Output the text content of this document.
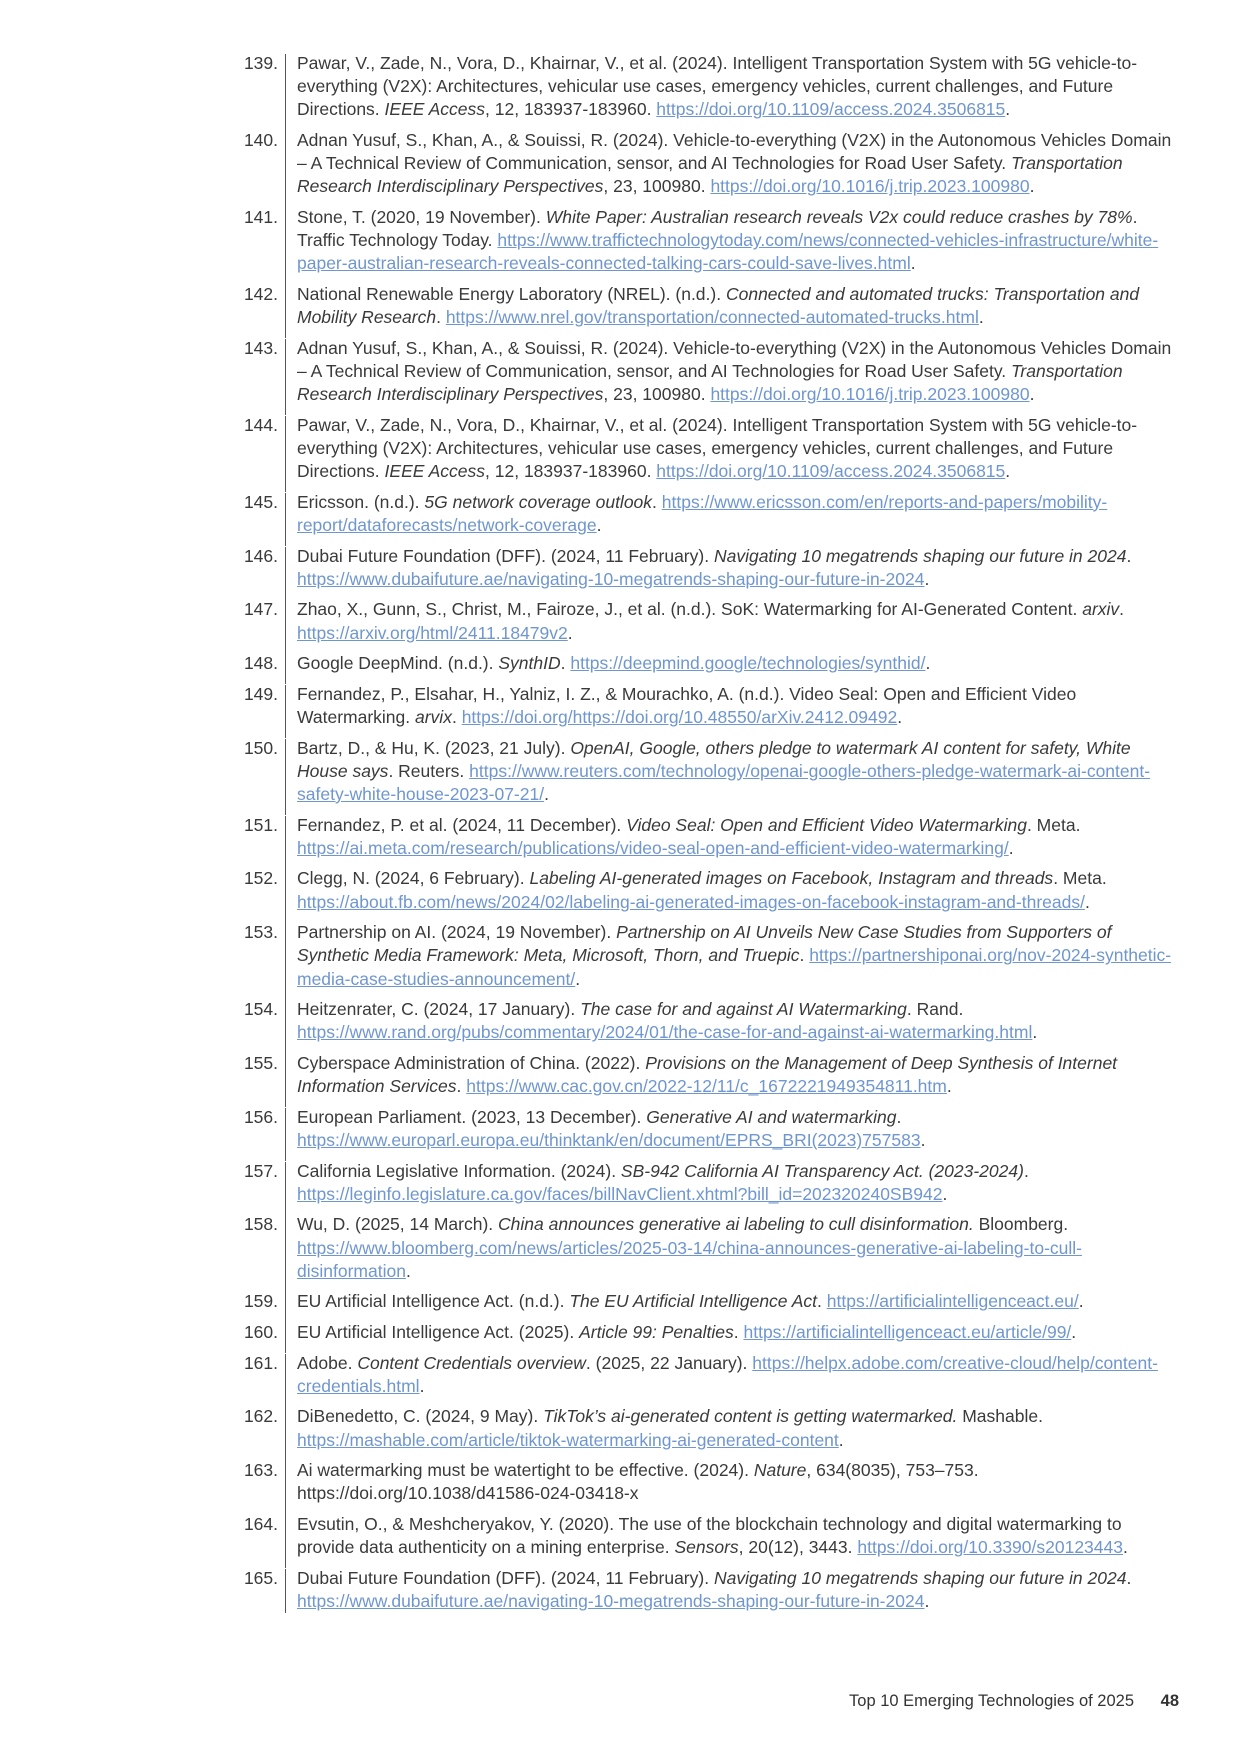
139. Pawar, V., Zade, N., Vora, D., Khairnar, V., et al. (2024). Intelligent Transportation System with 5G vehicle-to-everything (V2X): Architectures, vehicular use cases, emergency vehicles, current challenges, and Future Directions. IEEE Access, 12, 183937-183960. https://doi.org/10.1109/access.2024.3506815.
140. Adnan Yusuf, S., Khan, A., & Souissi, R. (2024). Vehicle-to-everything (V2X) in the Autonomous Vehicles Domain – A Technical Review of Communication, sensor, and AI Technologies for Road User Safety. Transportation Research Interdisciplinary Perspectives, 23, 100980. https://doi.org/10.1016/j.trip.2023.100980.
141. Stone, T. (2020, 19 November). White Paper: Australian research reveals V2x could reduce crashes by 78%. Traffic Technology Today. https://www.traffictechnologytoday.com/news/connected-vehicles-infrastructure/white-paper-australian-research-reveals-connected-talking-cars-could-save-lives.html.
142. National Renewable Energy Laboratory (NREL). (n.d.). Connected and automated trucks: Transportation and Mobility Research. https://www.nrel.gov/transportation/connected-automated-trucks.html.
143. Adnan Yusuf, S., Khan, A., & Souissi, R. (2024). Vehicle-to-everything (V2X) in the Autonomous Vehicles Domain – A Technical Review of Communication, sensor, and AI Technologies for Road User Safety. Transportation Research Interdisciplinary Perspectives, 23, 100980. https://doi.org/10.1016/j.trip.2023.100980.
144. Pawar, V., Zade, N., Vora, D., Khairnar, V., et al. (2024). Intelligent Transportation System with 5G vehicle-to-everything (V2X): Architectures, vehicular use cases, emergency vehicles, current challenges, and Future Directions. IEEE Access, 12, 183937-183960. https://doi.org/10.1109/access.2024.3506815.
145. Ericsson. (n.d.). 5G network coverage outlook. https://www.ericsson.com/en/reports-and-papers/mobility-report/dataforecasts/network-coverage.
146. Dubai Future Foundation (DFF). (2024, 11 February). Navigating 10 megatrends shaping our future in 2024. https://www.dubaifuture.ae/navigating-10-megatrends-shaping-our-future-in-2024.
147. Zhao, X., Gunn, S., Christ, M., Fairoze, J., et al. (n.d.). SoK: Watermarking for AI-Generated Content. arxiv. https://arxiv.org/html/2411.18479v2.
148. Google DeepMind. (n.d.). SynthID. https://deepmind.google/technologies/synthid/.
149. Fernandez, P., Elsahar, H., Yalniz, I. Z., & Mourachko, A. (n.d.). Video Seal: Open and Efficient Video Watermarking. arvix. https://doi.org/https://doi.org/10.48550/arXiv.2412.09492.
150. Bartz, D., & Hu, K. (2023, 21 July). OpenAI, Google, others pledge to watermark AI content for safety, White House says. Reuters. https://www.reuters.com/technology/openai-google-others-pledge-watermark-ai-content-safety-white-house-2023-07-21/.
151. Fernandez, P. et al. (2024, 11 December). Video Seal: Open and Efficient Video Watermarking. Meta. https://ai.meta.com/research/publications/video-seal-open-and-efficient-video-watermarking/.
152. Clegg, N. (2024, 6 February). Labeling AI-generated images on Facebook, Instagram and threads. Meta. https://about.fb.com/news/2024/02/labeling-ai-generated-images-on-facebook-instagram-and-threads/.
153. Partnership on AI. (2024, 19 November). Partnership on AI Unveils New Case Studies from Supporters of Synthetic Media Framework: Meta, Microsoft, Thorn, and Truepic. https://partnershiponai.org/nov-2024-synthetic-media-case-studies-announcement/.
154. Heitzenrater, C. (2024, 17 January). The case for and against AI Watermarking. Rand. https://www.rand.org/pubs/commentary/2024/01/the-case-for-and-against-ai-watermarking.html.
155. Cyberspace Administration of China. (2022). Provisions on the Management of Deep Synthesis of Internet Information Services. https://www.cac.gov.cn/2022-12/11/c_1672221949354811.htm.
156. European Parliament. (2023, 13 December). Generative AI and watermarking. https://www.europarl.europa.eu/thinktank/en/document/EPRS_BRI(2023)757583.
157. California Legislative Information. (2024). SB-942 California AI Transparency Act. (2023-2024). https://leginfo.legislature.ca.gov/faces/billNavClient.xhtml?bill_id=202320240SB942.
158. Wu, D. (2025, 14 March). China announces generative ai labeling to cull disinformation. Bloomberg. https://www.bloomberg.com/news/articles/2025-03-14/china-announces-generative-ai-labeling-to-cull-disinformation.
159. EU Artificial Intelligence Act. (n.d.). The EU Artificial Intelligence Act. https://artificialintelligenceact.eu/.
160. EU Artificial Intelligence Act. (2025). Article 99: Penalties. https://artificialintelligenceact.eu/article/99/.
161. Adobe. Content Credentials overview. (2025, 22 January). https://helpx.adobe.com/creative-cloud/help/content-credentials.html.
162. DiBenedetto, C. (2024, 9 May). TikTok’s ai-generated content is getting watermarked. Mashable. https://mashable.com/article/tiktok-watermarking-ai-generated-content.
163. Ai watermarking must be watertight to be effective. (2024). Nature, 634(8035), 753–753. https://doi.org/10.1038/d41586-024-03418-x
164. Evsutin, O., & Meshcheryakov, Y. (2020). The use of the blockchain technology and digital watermarking to provide data authenticity on a mining enterprise. Sensors, 20(12), 3443. https://doi.org/10.3390/s20123443.
165. Dubai Future Foundation (DFF). (2024, 11 February). Navigating 10 megatrends shaping our future in 2024. https://www.dubaifuture.ae/navigating-10-megatrends-shaping-our-future-in-2024.
Top 10 Emerging Technologies of 2025 48
